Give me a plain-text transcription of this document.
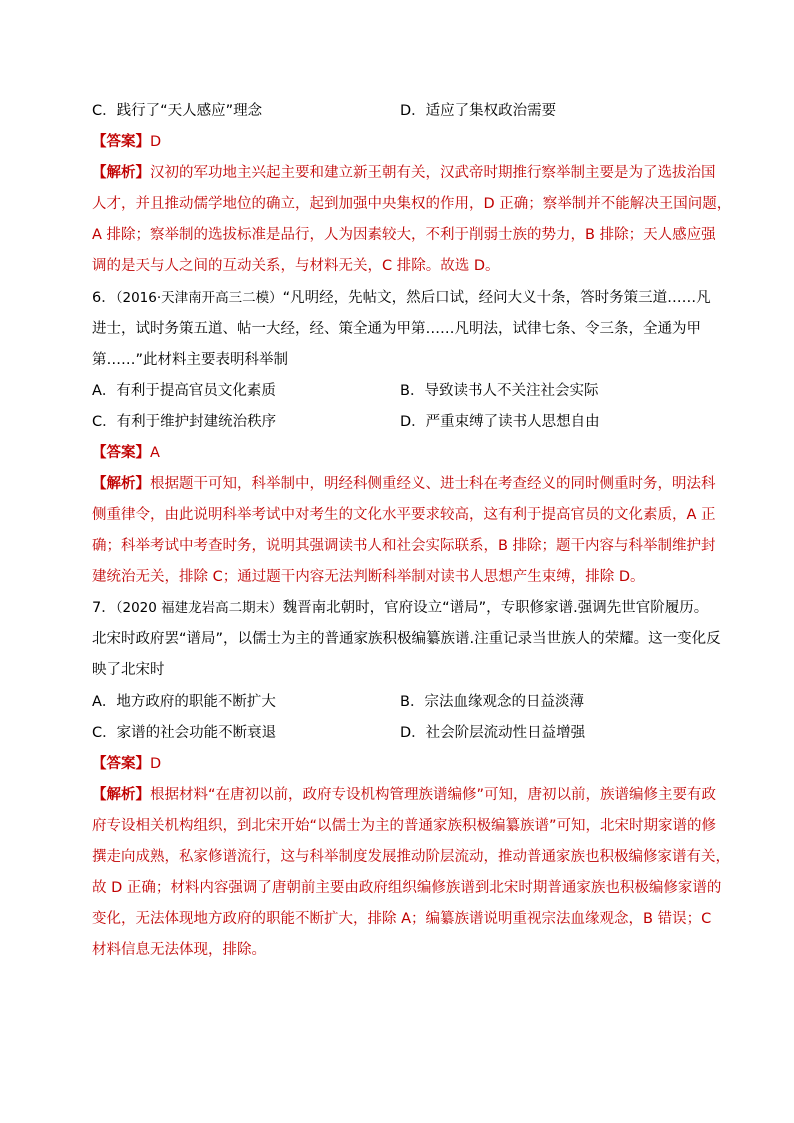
C．践行了“天人感应”理念	D．适应了集权政治需要
【答案】D
【解析】汉初的军功地主兴起主要和建立新王朝有关，汉武帝时期推行察举制主要是为了选拔治国
人才，并且推动儒学地位的确立，起到加强中央集权的作用，D 正确；察举制并不能解决王国问题，
A 排除；察举制的选拔标准是品行，人为因素较大，不利于削弱士族的势力，B 排除；天人感应强
调的是天与人之间的互动关系，与材料无关，C 排除。故选 D。
6．（2016·天津南开高三二模）“凡明经，先帖文，然后口试，经问大义十条，答时务策三道……凡
进士，试时务策五道、帖一大经，经、策全通为甲第……凡明法，试律七条、令三条，全通为甲
第……”此材料主要表明科举制
A．有利于提高官员文化素质	B．导致读书人不关注社会实际
C．有利于维护封建统治秩序	D．严重束缚了读书人思想自由
【答案】A
【解析】根据题干可知，科举制中，明经科侧重经义、进士科在考查经义的同时侧重时务，明法科
侧重律令，由此说明科举考试中对考生的文化水平要求较高，这有利于提高官员的文化素质，A 正
确；科举考试中考查时务，说明其强调读书人和社会实际联系，B 排除；题干内容与科举制维护封
建统治无关，排除 C；通过题干内容无法判断科举制对读书人思想产生束缚，排除 D。
7．（2020 福建龙岩高二期末）魏晋南北朝时，官府设立“谱局”，专职修家谱.强调先世官阶履历。
北宋时政府罢“谱局”，以儒士为主的普通家族积极编纂族谱.注重记录当世族人的荣耀。这一变化反
映了北宋时
A．地方政府的职能不断扩大	B．宗法血缘观念的日益淡薄
C．家谱的社会功能不断衰退	D．社会阶层流动性日益增强
【答案】D
【解析】根据材料“在唐初以前，政府专设机构管理族谱编修”可知，唐初以前，族谱编修主要有政
府专设相关机构组织，到北宋开始“以儒士为主的普通家族积极编纂族谱”可知，北宋时期家谱的修
撰走向成熟，私家修谱流行，这与科举制度发展推动阶层流动，推动普通家族也积极编修家谱有关，
故 D 正确；材料内容强调了唐朝前主要由政府组织编修族谱到北宋时期普通家族也积极编修家谱的
变化，无法体现地方政府的职能不断扩大，排除 A；编纂族谱说明重视宗法血缘观念，B 错误；C
材料信息无法体现，排除。
